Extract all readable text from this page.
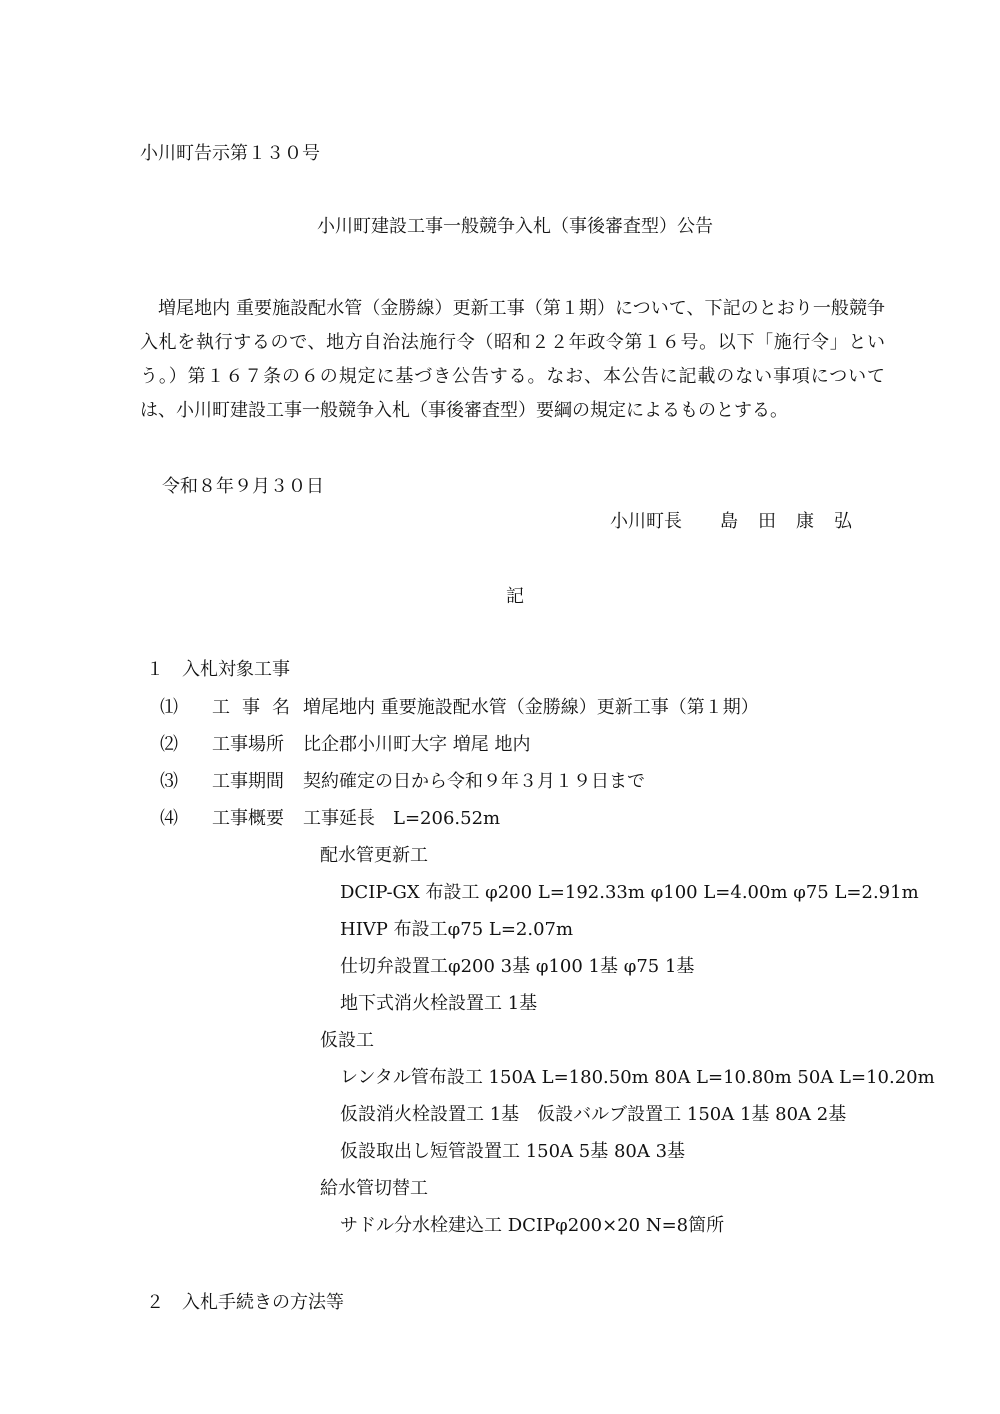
小川町告示第１３０号
小川町建設工事一般競争入札（事後審査型）公告
増尾地内 重要施設配水管（金勝線）更新工事（第１期）について、下記のとおり一般競争入札を執行するので、地方自治法施行令（昭和２２年政令第１６号。以下「施行令」という。）第１６７条の６の規定に基づき公告する。なお、本公告に記載のない事項については、小川町建設工事一般競争入札（事後審査型）要綱の規定によるものとする。
令和８年９月３０日
小川町長 島田康弘
記
１ 入札対象工事
⑴ 工事名 増尾地内 重要施設配水管（金勝線）更新工事（第１期）
⑵ 工事場所 比企郡小川町大字 増尾 地内
⑶ 工事期間 契約確定の日から令和９年３月１９日まで
⑷ 工事概要 工事延長　L=206.52m
配水管更新工
DCIP-GX 布設工 φ200 L=192.33m φ100 L=4.00m φ75 L=2.91m
HIVP 布設工φ75 L=2.07m
仕切弁設置工φ200 3基 φ100 1基 φ75 1基
地下式消火栓設置工 1基
仮設工
レンタル管布設工 150A L=180.50m 80A L=10.80m 50A L=10.20m
仮設消火栓設置工 1基　仮設バルブ設置工 150A 1基 80A 2基
仮設取出し短管設置工 150A 5基 80A 3基
給水管切替工
サドル分水栓建込工 DCIPφ200×20 N=8箇所
２ 入札手続きの方法等
